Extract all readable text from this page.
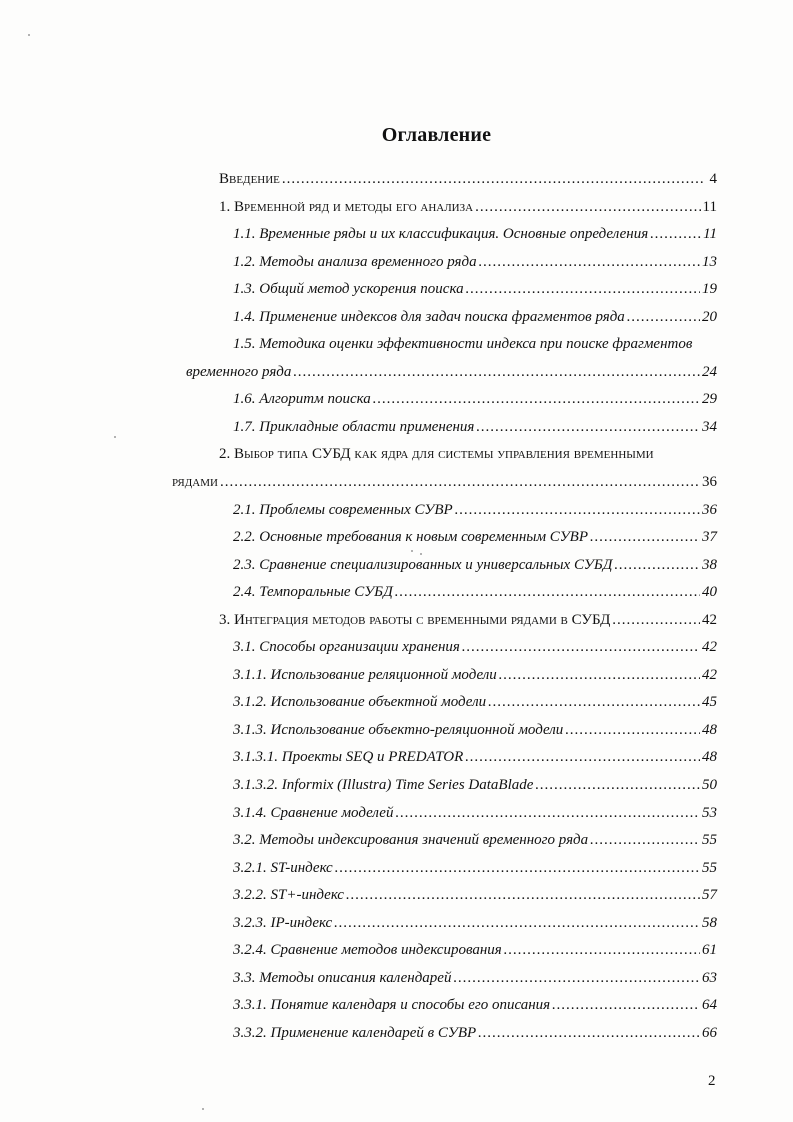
Оглавление
Введение .....	4
1. Временной ряд и методы его анализа .....	11
1.1. Временные ряды и их классификация. Основные определения .....	11
1.2. Методы анализа временного ряда .....	13
1.3. Общий метод ускорения поиска .....	19
1.4. Применение индексов для задач поиска фрагментов ряда .....	20
1.5. Методика оценки эффективности индекса при поиске фрагментов
временного ряда .....	24
1.6. Алгоритм поиска .....	29
1.7. Прикладные области применения .....	34
2. Выбор типа СУБД как ядра для системы управления временными
рядами .....	36
2.1. Проблемы современных СУВР .....	36
2.2. Основные требования к новым современным СУВР .....	37
2.3. Сравнение специализированных и универсальных СУБД .....	38
2.4. Темпоральные СУБД .....	40
3. Интеграция методов работы с временными рядами в СУБД .....	42
3.1. Способы организации хранения .....	42
3.1.1. Использование реляционной модели .....	42
3.1.2. Использование объектной модели .....	45
3.1.3. Использование объектно-реляционной модели .....	48
3.1.3.1. Проекты SEQ и PREDATOR .....	48
3.1.3.2. Informix (Illustra) Time Series DataBlade .....	50
3.1.4. Сравнение моделей .....	53
3.2. Методы индексирования значений временного ряда .....	55
3.2.1. ST-индекс .....	55
3.2.2. ST+-индекс .....	57
3.2.3. IP-индекс .....	58
3.2.4. Сравнение методов индексирования .....	61
3.3. Методы описания календарей .....	63
3.3.1. Понятие календаря и способы его описания .....	64
3.3.2. Применение календарей в СУВР .....	66
2
